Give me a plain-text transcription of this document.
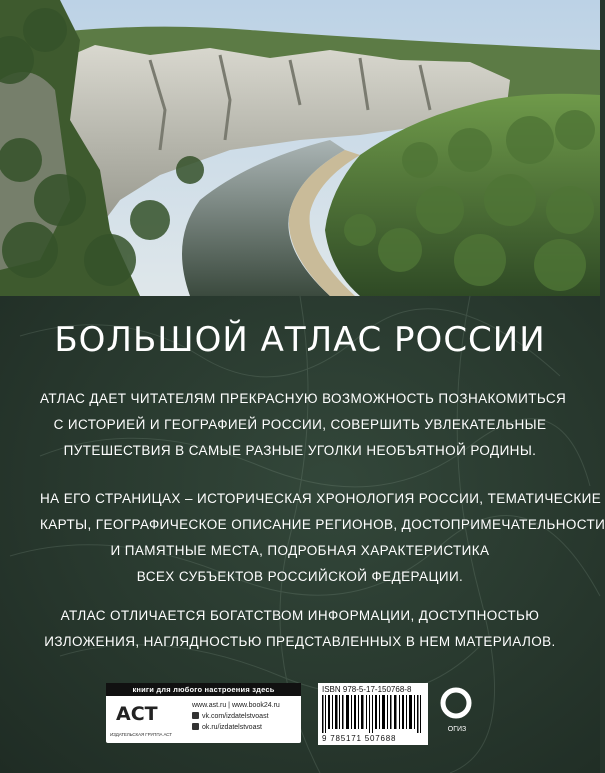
БОЛЬШОЙ АТЛАС РОССИИ
АТЛАС ДАЕТ ЧИТАТЕЛЯМ ПРЕКРАСНУЮ ВОЗМОЖНОСТЬ ПОЗНАКОМИТЬСЯ
С ИСТОРИЕЙ И ГЕОГРАФИЕЙ РОССИИ, СОВЕРШИТЬ УВЛЕКАТЕЛЬНЫЕ
ПУТЕШЕСТВИЯ В САМЫЕ РАЗНЫЕ УГОЛКИ НЕОБЪЯТНОЙ РОДИНЫ.
НА ЕГО СТРАНИЦАХ – ИСТОРИЧЕСКАЯ ХРОНОЛОГИЯ РОССИИ, ТЕМАТИЧЕСКИЕ
КАРТЫ, ГЕОГРАФИЧЕСКОЕ ОПИСАНИЕ РЕГИОНОВ, ДОСТОПРИМЕЧАТЕЛЬНОСТИ
И ПАМЯТНЫЕ МЕСТА, ПОДРОБНАЯ ХАРАКТЕРИСТИКА
ВСЕХ СУБЪЕКТОВ РОССИЙСКОЙ ФЕДЕРАЦИИ.
АТЛАС ОТЛИЧАЕТСЯ БОГАТСТВОМ ИНФОРМАЦИИ, ДОСТУПНОСТЬЮ
ИЗЛОЖЕНИЯ, НАГЛЯДНОСТЬЮ ПРЕДСТАВЛЕННЫХ В НЕМ МАТЕРИАЛОВ.
книги для любого настроения здесь
АСТ
ИЗДАТЕЛЬСКАЯ ГРУППА АСТ
www.ast.ru | www.book24.ru
vk.com/izdatelstvoast
ok.ru/izdatelstvoast
ISBN 978-5-17-150768-8
9 785171 507688
ОГИЗ
